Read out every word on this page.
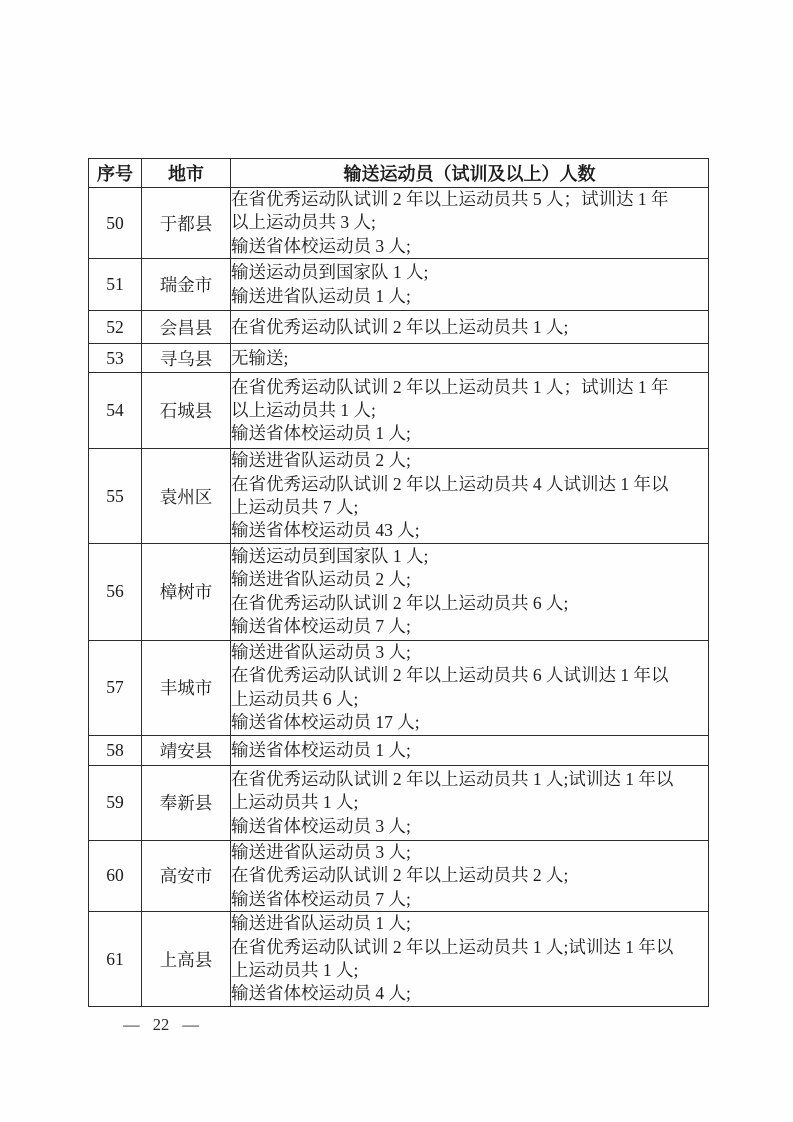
序号	地市	输送运动员（试训及以上）人数
50	于都县	在省优秀运动队试训 2 年以上运动员共 5 人；试训达 1 年
以上运动员共 3 人;
输送省体校运动员 3 人;

51	瑞金市	输送运动员到国家队 1 人;
输送进省队运动员 1 人;

52	会昌县	在省优秀运动队试训 2 年以上运动员共 1 人;

53	寻乌县	无输送;

54	石城县	在省优秀运动队试训 2 年以上运动员共 1 人；试训达 1 年
以上运动员共 1 人;
输送省体校运动员 1 人;

55	袁州区	输送进省队运动员 2 人;
在省优秀运动队试训 2 年以上运动员共 4 人试训达 1 年以
上运动员共 7 人;
输送省体校运动员 43 人;

56	樟树市	输送运动员到国家队 1 人;
输送进省队运动员 2 人;
在省优秀运动队试训 2 年以上运动员共 6 人;
输送省体校运动员 7 人;

57	丰城市	输送进省队运动员 3 人;
在省优秀运动队试训 2 年以上运动员共 6 人试训达 1 年以
上运动员共 6 人;
输送省体校运动员 17 人;

58	靖安县	输送省体校运动员 1 人;

59	奉新县	在省优秀运动队试训 2 年以上运动员共 1 人;试训达 1 年以
上运动员共 1 人;
输送省体校运动员 3 人;

60	高安市	输送进省队运动员 3 人;
在省优秀运动队试训 2 年以上运动员共 2 人;
输送省体校运动员 7 人;

61	上高县	输送进省队运动员 1 人;
在省优秀运动队试训 2 年以上运动员共 1 人;试训达 1 年以
上运动员共 1 人;
输送省体校运动员 4 人;
— 22 —
